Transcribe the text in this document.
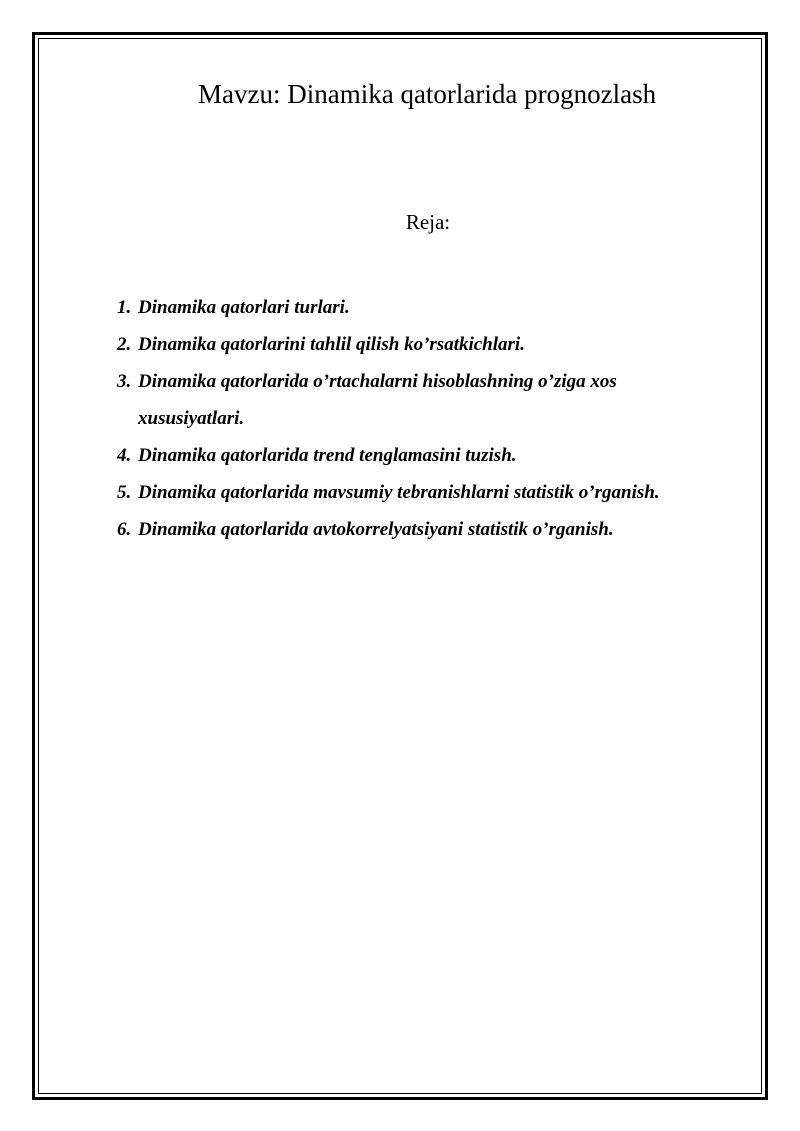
Mavzu: Dinamika qatorlarida prognozlash
Reja:
1. Dinamika qatorlari turlari.
2. Dinamika qatorlarini tahlil qilish ko’rsatkichlari.
3. Dinamika qatorlarida o’rtachalarni hisoblashning o’ziga xos xususiyatlari.
4. Dinamika qatorlarida trend tenglamasini tuzish.
5. Dinamika qatorlarida mavsumiy tebranishlarni statistik o’rganish.
6. Dinamika qatorlarida avtokorrelyatsiyani statistik o’rganish.
